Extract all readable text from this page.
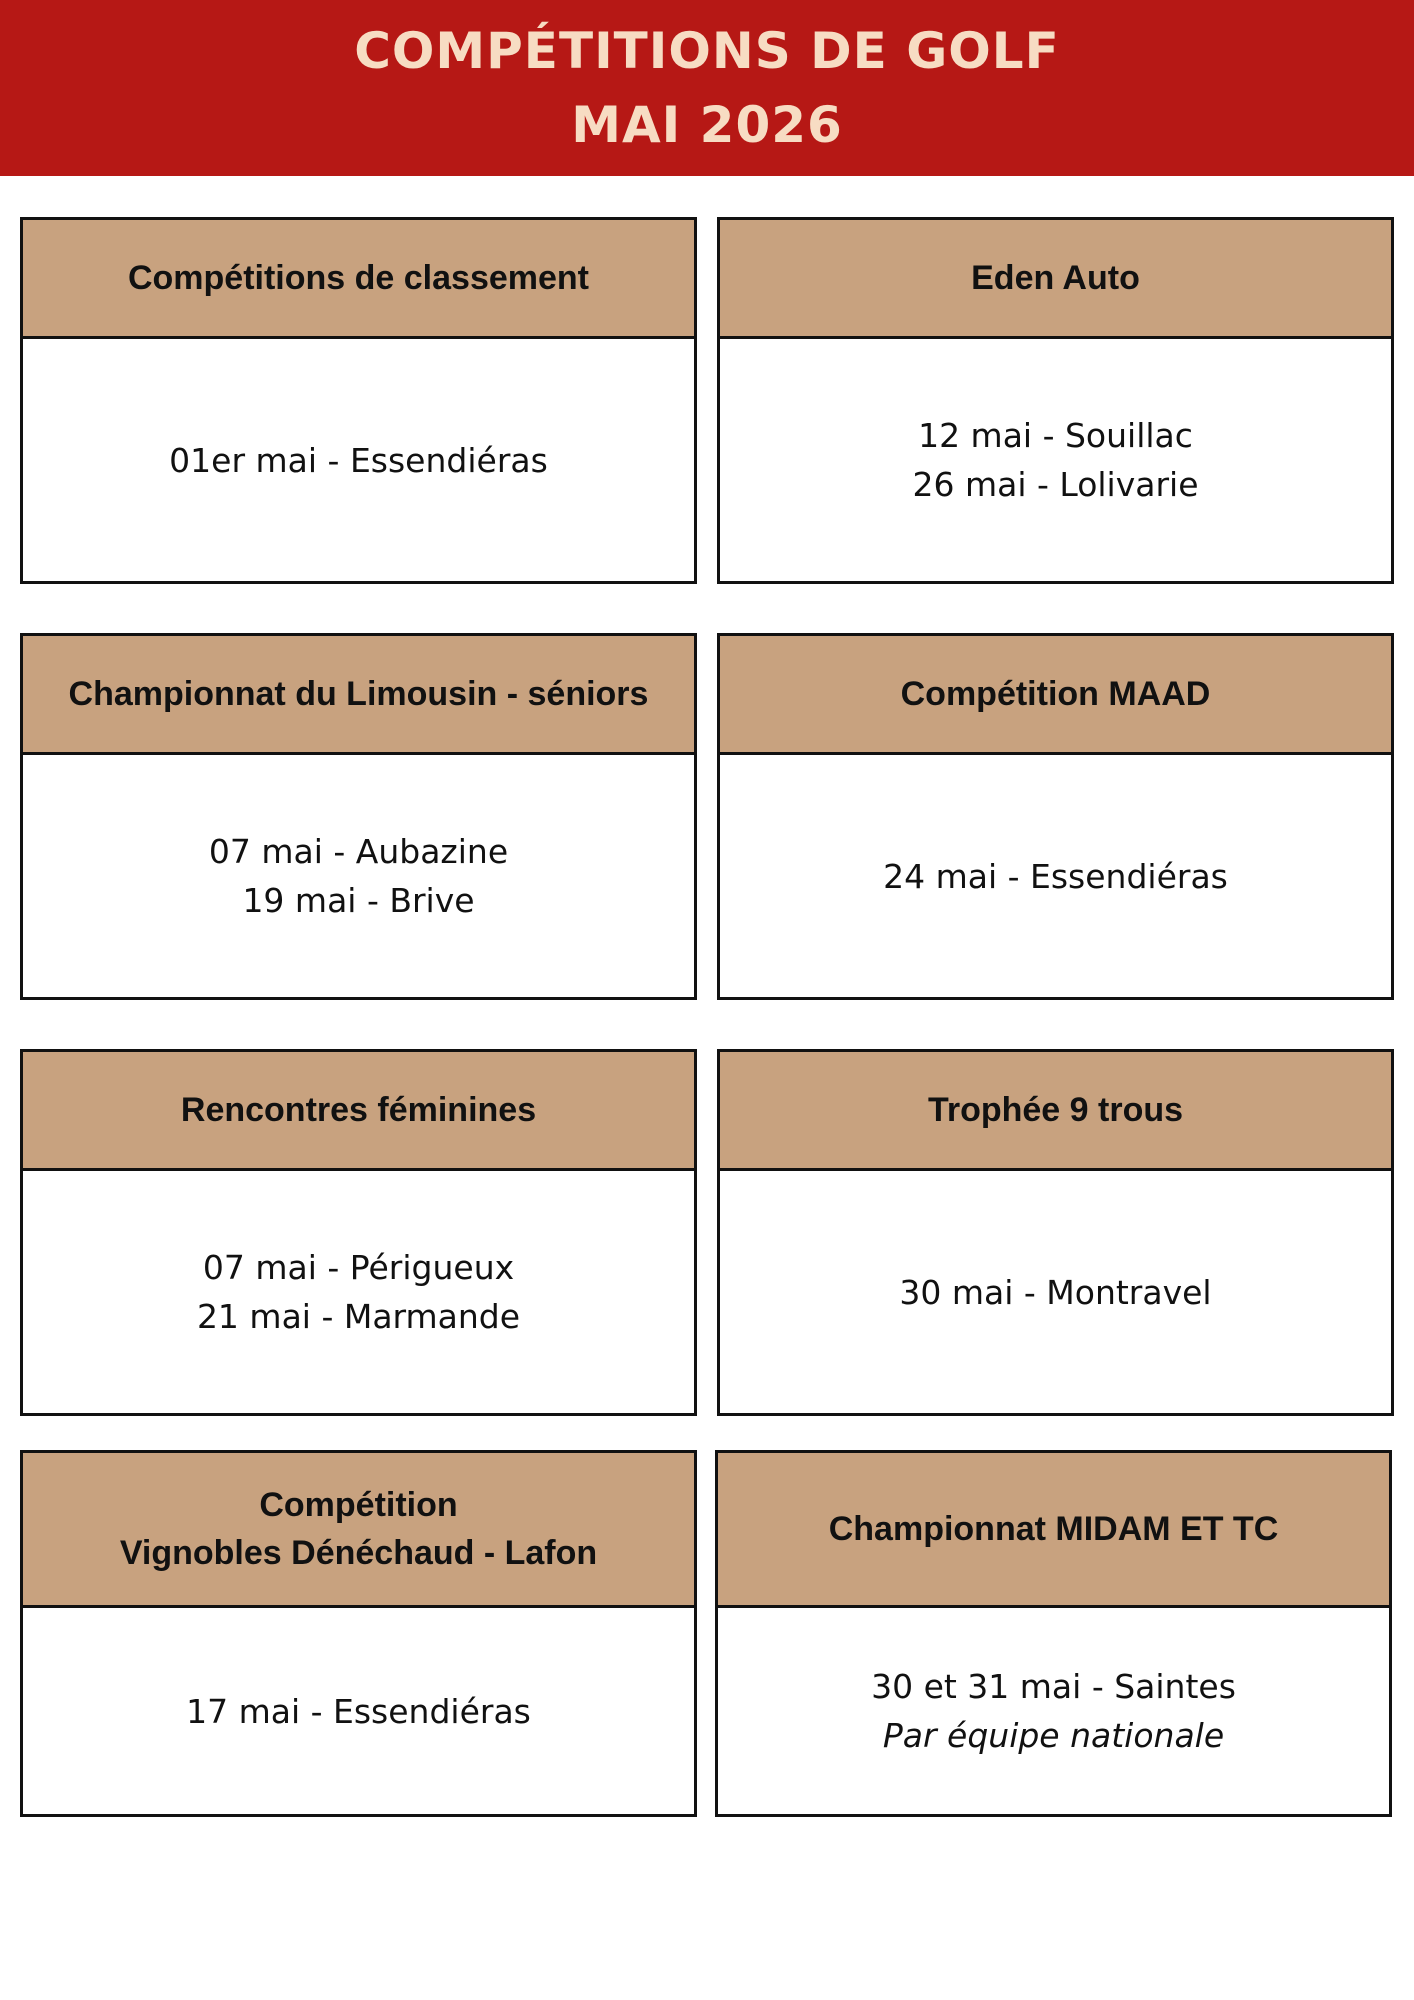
COMPÉTITIONS DE GOLF
MAI 2026
Compétitions de classement
01er mai - Essendiéras
Eden Auto
12 mai - Souillac
26 mai - Lolivarie
Championnat du Limousin - séniors
07 mai - Aubazine
19 mai - Brive
Compétition MAAD
24 mai - Essendiéras
Rencontres féminines
07 mai - Périgueux
21 mai - Marmande
Trophée 9 trous
30 mai - Montravel
Compétition
Vignobles Dénéchaud - Lafon
17 mai - Essendiéras
Championnat MIDAM ET TC
30 et 31 mai - Saintes
Par équipe nationale
